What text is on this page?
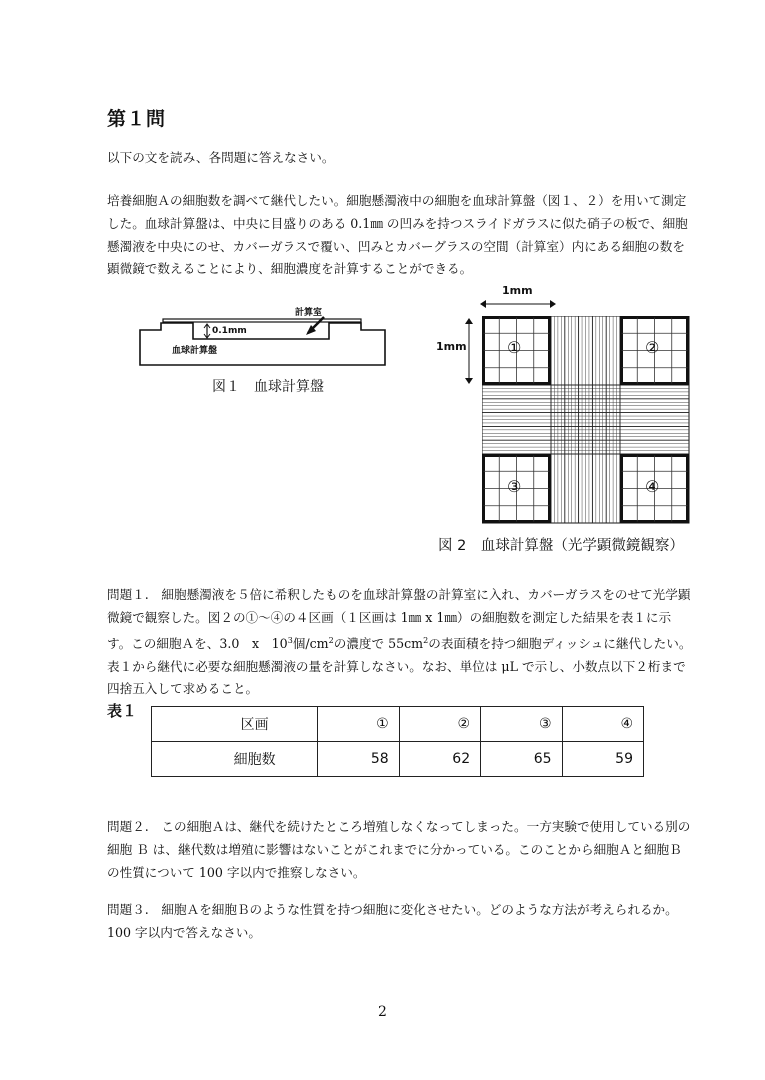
第１問

以下の文を読み、各問題に答えなさい。

培養細胞Ａの細胞数を調べて継代したい。細胞懸濁液中の細胞を血球計算盤（図１、２）を用いて測定した。血球計算盤は、中央に目盛りのある 0.1㎜ の凹みを持つスライドガラスに似た硝子の板で、細胞懸濁液を中央にのせ、カバーガラスで覆い、凹みとカバーグラスの空間（計算室）内にある細胞の数を顕微鏡で数えることにより、細胞濃度を計算することができる。

血球計算盤
計算室
0.1mm
図１　血球計算盤
1mm
1mm	①	②
③	④
図 2　血球計算盤（光学顕微鏡観察）

問題１.　細胞懸濁液を５倍に希釈したものを血球計算盤の計算室に入れ、カバーガラスをのせて光学顕微鏡で観察した。図２の①～④の４区画（１区画は 1㎜ x 1㎜）の細胞数を測定した結果を表１に示す。この細胞Ａを、3.0　x　$10^3$個$/cm^2$の濃度で $55cm^2$の表面積を持つ細胞ディッシュに継代したい。表１から継代に必要な細胞懸濁液の量を計算しなさい。なお、単位は μL で示し、小数点以下２桁まで四捨五入して求めること。

表１
区画	①	②	③	④
細胞数	58	62	65	59

問題２.　この細胞Ａは、継代を続けたところ増殖しなくなってしまった。一方実験で使用している別の細胞 Ｂ は、継代数は増殖に影響はないことがこれまでに分かっている。このことから細胞Ａと細胞Ｂの性質について 100 字以内で推察しなさい。

問題３.　細胞Ａを細胞Ｂのような性質を持つ細胞に変化させたい。どのような方法が考えられるか。100 字以内で答えなさい。

2
